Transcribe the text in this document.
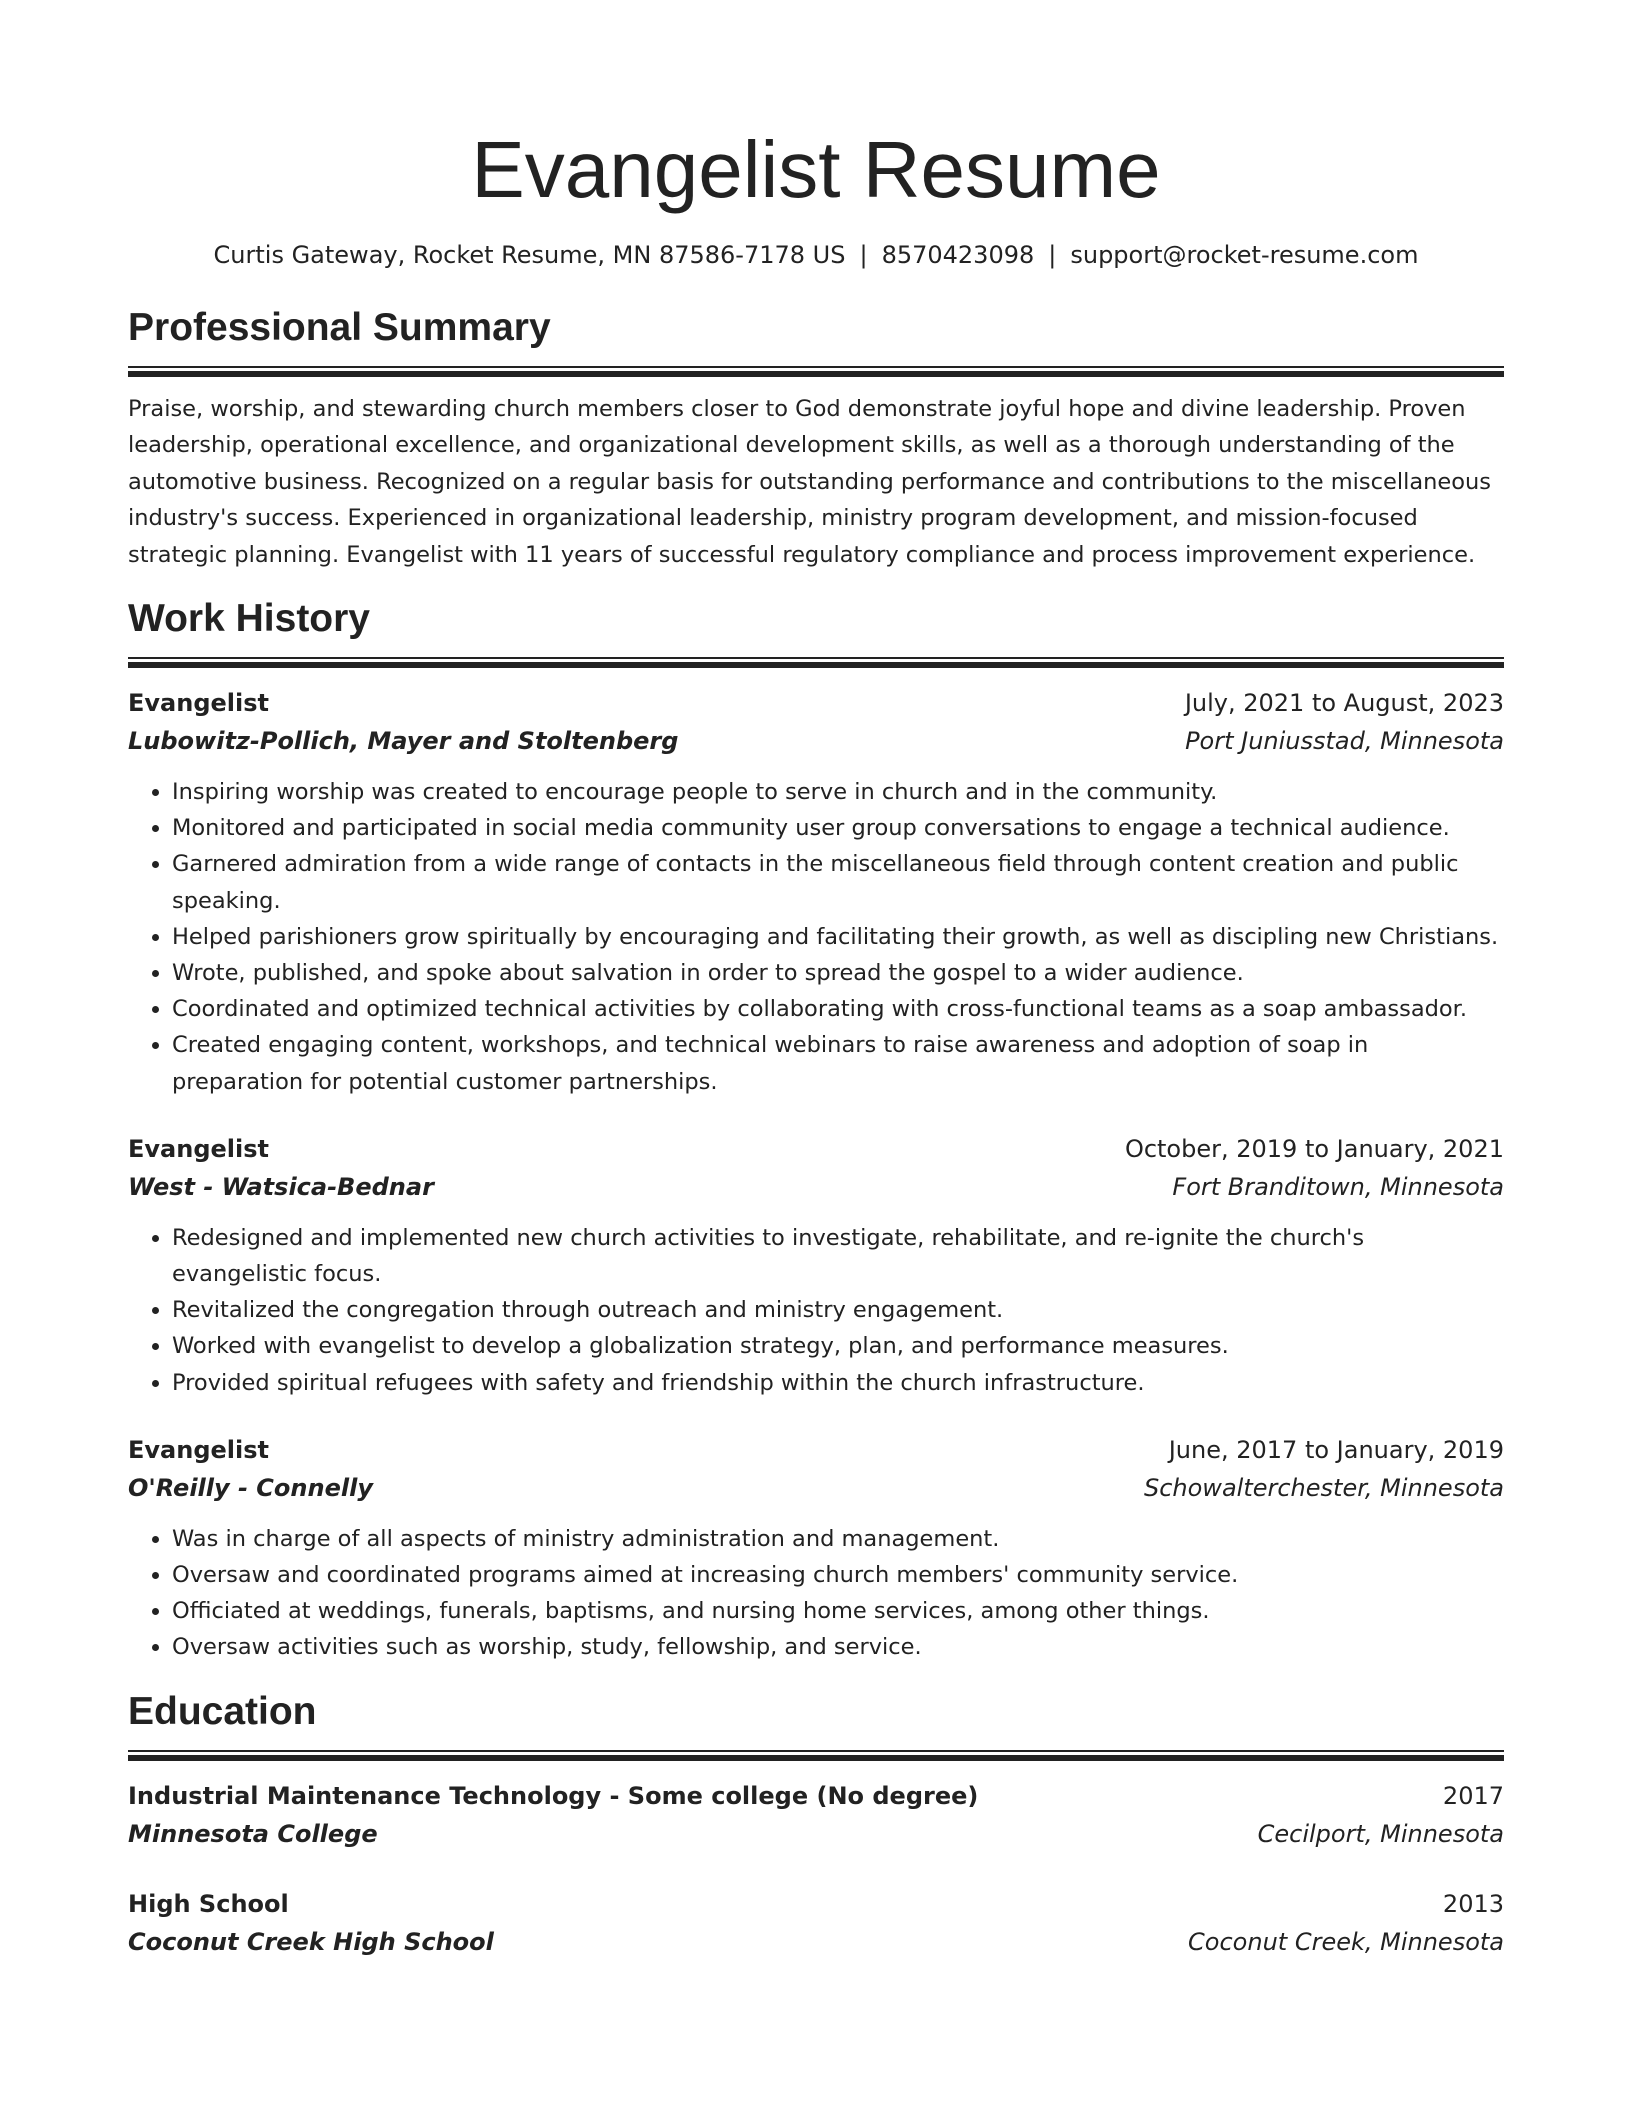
Evangelist Resume
Curtis Gateway, Rocket Resume, MN 87586-7178 US | 8570423098 | support@rocket-resume.com
Professional Summary

Praise, worship, and stewarding church members closer to God demonstrate joyful hope and divine leadership. Proven leadership, operational excellence, and organizational development skills, as well as a thorough understanding of the automotive business. Recognized on a regular basis for outstanding performance and contributions to the miscellaneous industry's success. Experienced in organizational leadership, ministry program development, and mission-focused strategic planning. Evangelist with 11 years of successful regulatory compliance and process improvement experience.

Work History
Evangelist	July, 2021 to August, 2023
Lubowitz-Pollich, Mayer and Stoltenberg	Port Juniusstad, Minnesota
• Inspiring worship was created to encourage people to serve in church and in the community.
• Monitored and participated in social media community user group conversations to engage a technical audience.
• Garnered admiration from a wide range of contacts in the miscellaneous field through content creation and public speaking.
• Helped parishioners grow spiritually by encouraging and facilitating their growth, as well as discipling new Christians.
• Wrote, published, and spoke about salvation in order to spread the gospel to a wider audience.
• Coordinated and optimized technical activities by collaborating with cross-functional teams as a soap ambassador.
• Created engaging content, workshops, and technical webinars to raise awareness and adoption of soap in preparation for potential customer partnerships.
Evangelist	October, 2019 to January, 2021
West - Watsica-Bednar	Fort Branditown, Minnesota
• Redesigned and implemented new church activities to investigate, rehabilitate, and re-ignite the church's evangelistic focus.
• Revitalized the congregation through outreach and ministry engagement.
• Worked with evangelist to develop a globalization strategy, plan, and performance measures.
• Provided spiritual refugees with safety and friendship within the church infrastructure.
Evangelist	June, 2017 to January, 2019
O'Reilly - Connelly	Schowalterchester, Minnesota
• Was in charge of all aspects of ministry administration and management.
• Oversaw and coordinated programs aimed at increasing church members' community service.
• Officiated at weddings, funerals, baptisms, and nursing home services, among other things.
• Oversaw activities such as worship, study, fellowship, and service.
Education
Industrial Maintenance Technology - Some college (No degree)	2017
Minnesota College	Cecilport, Minnesota
High School	2013
Coconut Creek High School	Coconut Creek, Minnesota
